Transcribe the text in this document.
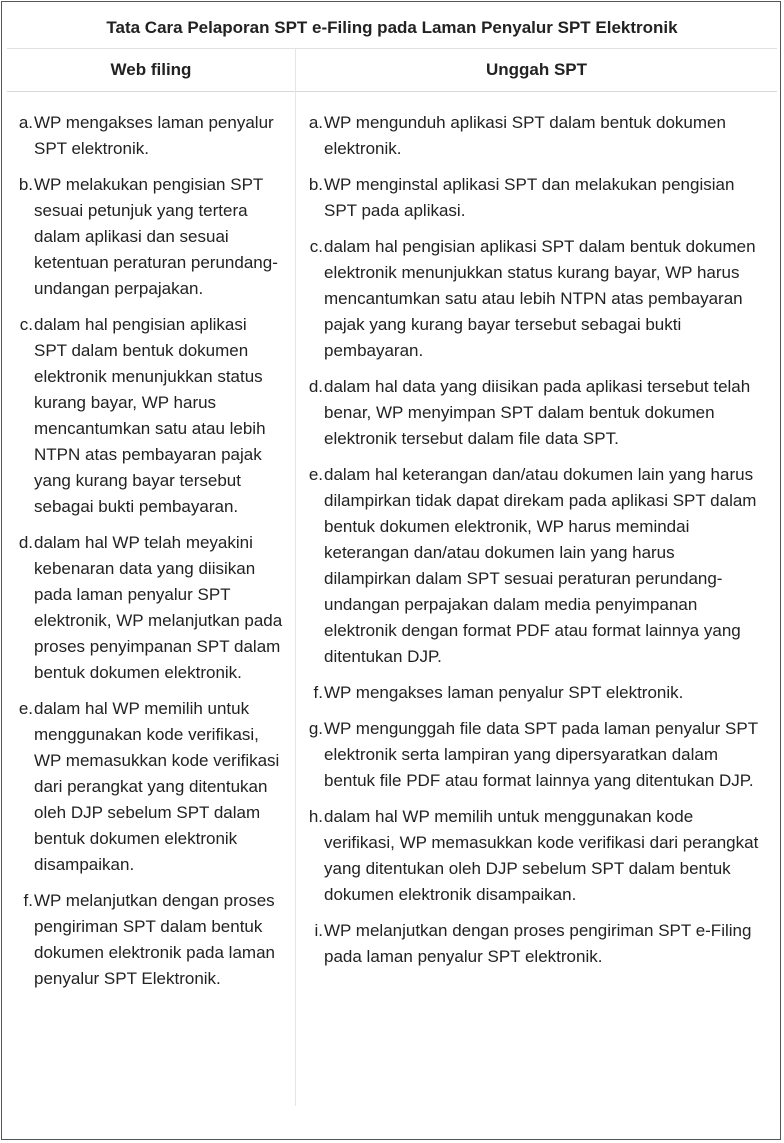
Tata Cara Pelaporan SPT e-Filing pada Laman Penyalur SPT Elektronik
Web filing	Unggah SPT
a. WP mengakses laman penyalur SPT elektronik.
b. WP melakukan pengisian SPT sesuai petunjuk yang tertera dalam aplikasi dan sesuai ketentuan peraturan perundang-undangan perpajakan.
c. dalam hal pengisian aplikasi SPT dalam bentuk dokumen elektronik menunjukkan status kurang bayar, WP harus mencantumkan satu atau lebih NTPN atas pembayaran pajak yang kurang bayar tersebut sebagai bukti pembayaran.
d. dalam hal WP telah meyakini kebenaran data yang diisikan pada laman penyalur SPT elektronik, WP melanjutkan pada proses penyimpanan SPT dalam bentuk dokumen elektronik.
e. dalam hal WP memilih untuk menggunakan kode verifikasi, WP memasukkan kode verifikasi dari perangkat yang ditentukan oleh DJP sebelum SPT dalam bentuk dokumen elektronik disampaikan.
f. WP melanjutkan dengan proses pengiriman SPT dalam bentuk dokumen elektronik pada laman penyalur SPT Elektronik.
a. WP mengunduh aplikasi SPT dalam bentuk dokumen elektronik.
b. WP menginstal aplikasi SPT dan melakukan pengisian SPT pada aplikasi.
c. dalam hal pengisian aplikasi SPT dalam bentuk dokumen elektronik menunjukkan status kurang bayar, WP harus mencantumkan satu atau lebih NTPN atas pembayaran pajak yang kurang bayar tersebut sebagai bukti pembayaran.
d. dalam hal data yang diisikan pada aplikasi tersebut telah benar, WP menyimpan SPT dalam bentuk dokumen elektronik tersebut dalam file data SPT.
e. dalam hal keterangan dan/atau dokumen lain yang harus dilampirkan tidak dapat direkam pada aplikasi SPT dalam bentuk dokumen elektronik, WP harus memindai keterangan dan/atau dokumen lain yang harus dilampirkan dalam SPT sesuai peraturan perundang-undangan perpajakan dalam media penyimpanan elektronik dengan format PDF atau format lainnya yang ditentukan DJP.
f. WP mengakses laman penyalur SPT elektronik.
g. WP mengunggah file data SPT pada laman penyalur SPT elektronik serta lampiran yang dipersyaratkan dalam bentuk file PDF atau format lainnya yang ditentukan DJP.
h. dalam hal WP memilih untuk menggunakan kode verifikasi, WP memasukkan kode verifikasi dari perangkat yang ditentukan oleh DJP sebelum SPT dalam bentuk dokumen elektronik disampaikan.
i. WP melanjutkan dengan proses pengiriman SPT e-Filing pada laman penyalur SPT elektronik.
